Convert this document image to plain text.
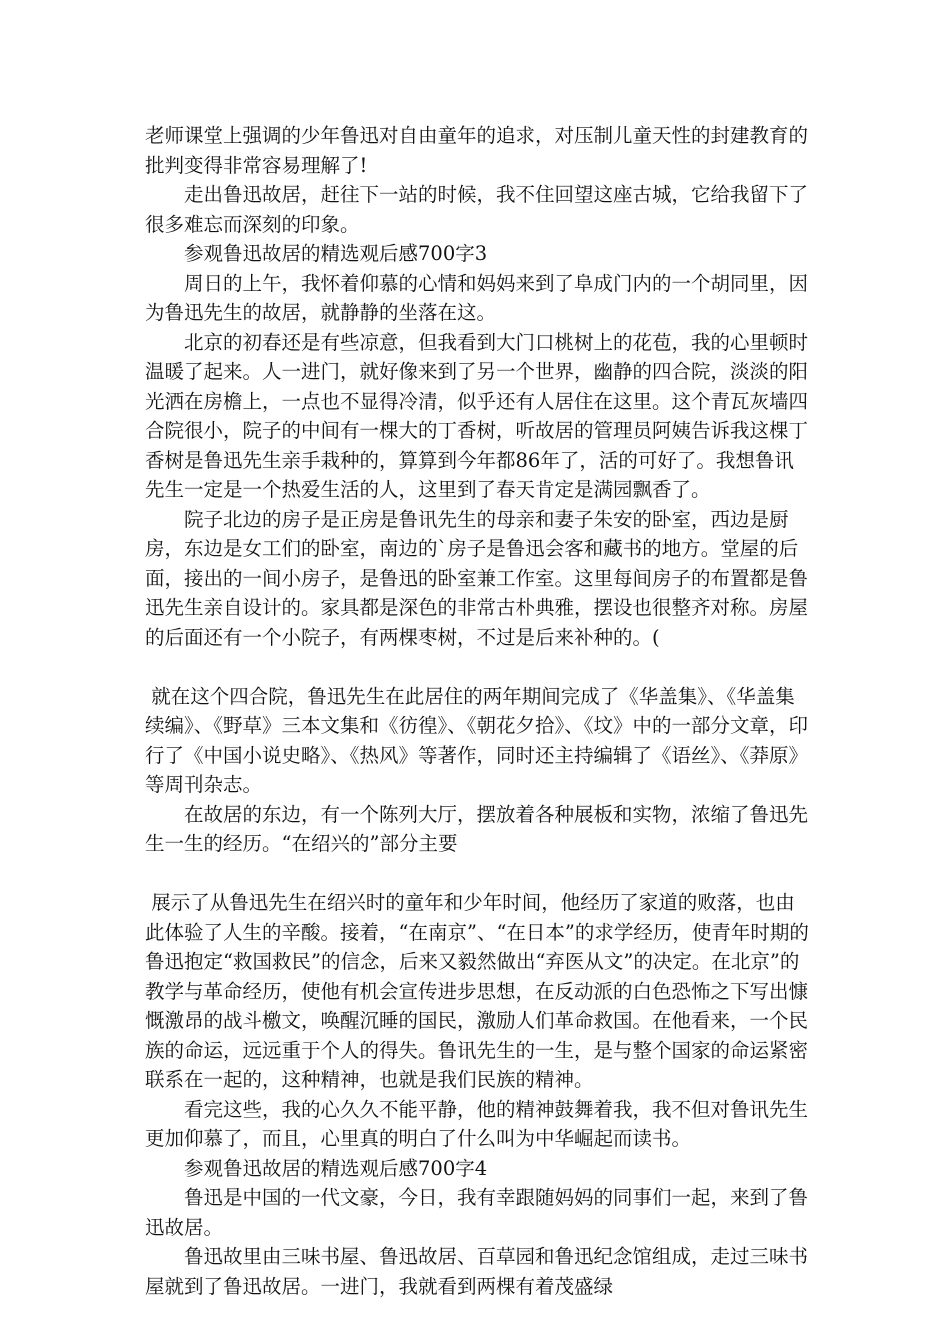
老师课堂上强调的少年鲁迅对自由童年的追求，对压制儿童天性的封建教育的批判变得非常容易理解了!

走出鲁迅故居，赶往下一站的时候，我不住回望这座古城，它给我留下了很多难忘而深刻的印象。

参观鲁迅故居的精选观后感700字3

周日的上午，我怀着仰慕的心情和妈妈来到了阜成门内的一个胡同里，因为鲁迅先生的故居，就静静的坐落在这。

北京的初春还是有些凉意，但我看到大门口桃树上的花苞，我的心里顿时温暖了起来。人一进门，就好像来到了另一个世界，幽静的四合院，淡淡的阳光洒在房檐上，一点也不显得冷清，似乎还有人居住在这里。这个青瓦灰墙四合院很小，院子的中间有一棵大的丁香树，听故居的管理员阿姨告诉我这棵丁香树是鲁迅先生亲手栽种的，算算到今年都86年了，活的可好了。我想鲁讯先生一定是一个热爱生活的人，这里到了春天肯定是满园飘香了。

院子北边的房子是正房是鲁讯先生的母亲和妻子朱安的卧室，西边是厨房，东边是女工们的卧室，南边的`房子是鲁迅会客和藏书的地方。堂屋的后面，接出的一间小房子，是鲁迅的卧室兼工作室。这里每间房子的布置都是鲁迅先生亲自设计的。家具都是深色的非常古朴典雅，摆设也很整齐对称。房屋的后面还有一个小院子，有两棵枣树，不过是后来补种的。(

就在这个四合院，鲁迅先生在此居住的两年期间完成了《华盖集》、《华盖集续编》、《野草》三本文集和《彷徨》、《朝花夕拾》、《坟》中的一部分文章，印行了《中国小说史略》、《热风》等著作，同时还主持编辑了《语丝》、《莽原》等周刊杂志。

在故居的东边，有一个陈列大厅，摆放着各种展板和实物，浓缩了鲁迅先生一生的经历。“在绍兴的”部分主要

展示了从鲁迅先生在绍兴时的童年和少年时间，他经历了家道的败落，也由此体验了人生的辛酸。接着，“在南京”、“在日本”的求学经历，使青年时期的鲁迅抱定“救国救民”的信念，后来又毅然做出“弃医从文”的决定。在北京”的教学与革命经历，使他有机会宣传进步思想，在反动派的白色恐怖之下写出慷慨激昂的战斗檄文，唤醒沉睡的国民，激励人们革命救国。在他看来，一个民族的命运，远远重于个人的得失。鲁讯先生的一生，是与整个国家的命运紧密联系在一起的，这种精神，也就是我们民族的精神。

看完这些，我的心久久不能平静，他的精神鼓舞着我，我不但对鲁讯先生更加仰慕了，而且，心里真的明白了什么叫为中华崛起而读书。

参观鲁迅故居的精选观后感700字4

鲁迅是中国的一代文豪，今日，我有幸跟随妈妈的同事们一起，来到了鲁迅故居。

鲁迅故里由三味书屋、鲁迅故居、百草园和鲁迅纪念馆组成，走过三味书屋就到了鲁迅故居。一进门，我就看到两棵有着茂盛绿
